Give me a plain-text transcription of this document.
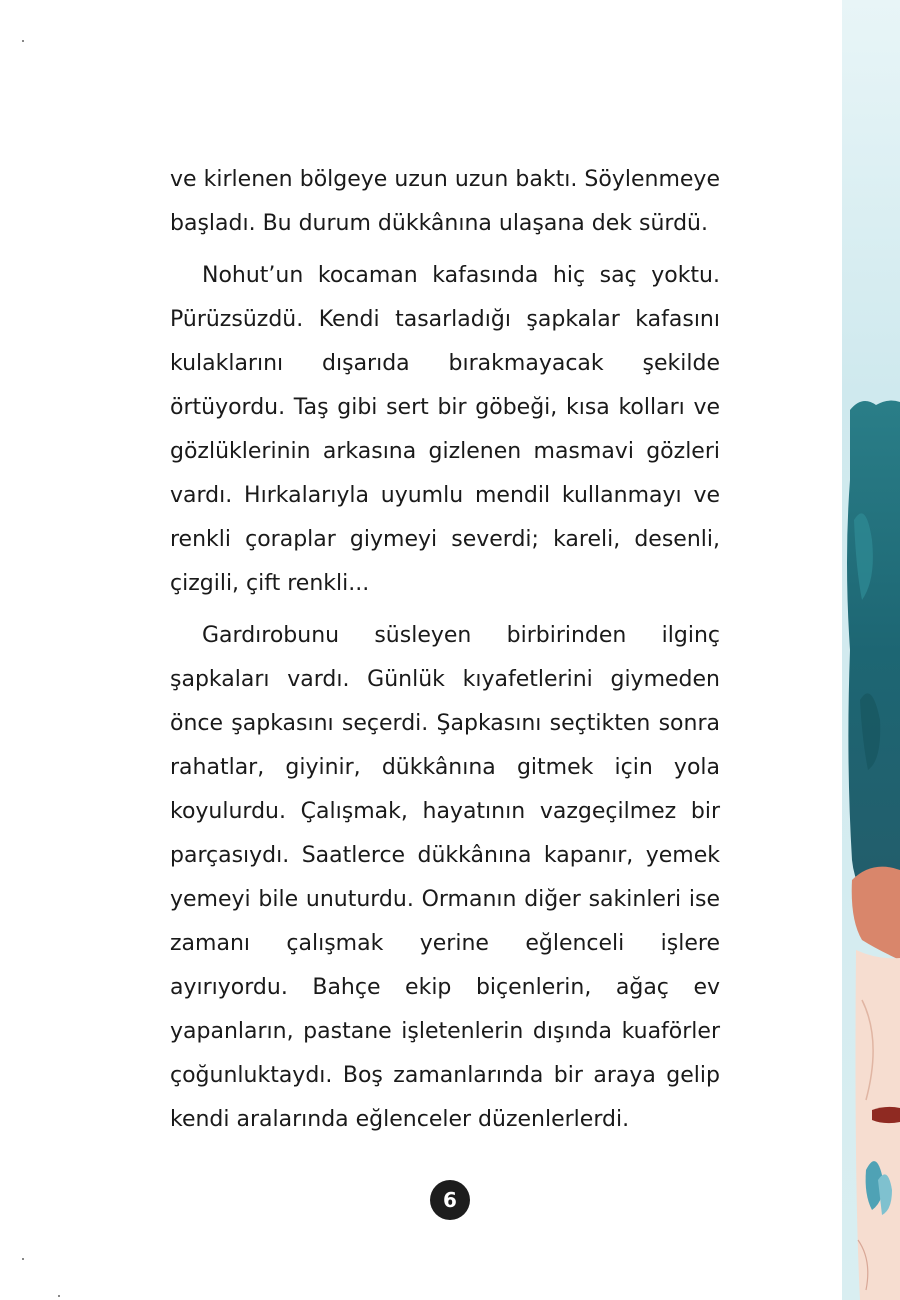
ve kirlenen bölgeye uzun uzun baktı. Söylenmeye başladı. Bu durum dükkânına ulaşana dek sürdü.

Nohut’un kocaman kafasında hiç saç yoktu. Pürüzsüzdü. Kendi tasarladığı şapkalar kafasını kulaklarını dışarıda bırakmayacak şekilde örtüyordu. Taş gibi sert bir göbeği, kısa kolları ve gözlüklerinin arkasına gizlenen masmavi gözleri vardı. Hırkalarıyla uyumlu mendil kullanmayı ve renkli çoraplar giymeyi severdi; kareli, desenli, çizgili, çift renkli...

Gardırobunu süsleyen birbirinden ilginç şapkaları vardı. Günlük kıyafetlerini giymeden önce şapkasını seçerdi. Şapkasını seçtikten sonra rahatlar, giyinir, dükkânına gitmek için yola koyulurdu. Çalışmak, hayatının vazgeçilmez bir parçasıydı. Saatlerce dükkânına kapanır, yemek yemeyi bile unuturdu. Ormanın diğer sakinleri ise zamanı çalışmak yerine eğlenceli işlere ayırıyordu. Bahçe ekip biçenlerin, ağaç ev yapanların, pastane işletenlerin dışında kuaförler çoğunluktaydı. Boş zamanlarında bir araya gelip kendi aralarında eğlenceler düzenlerlerdi.

6
